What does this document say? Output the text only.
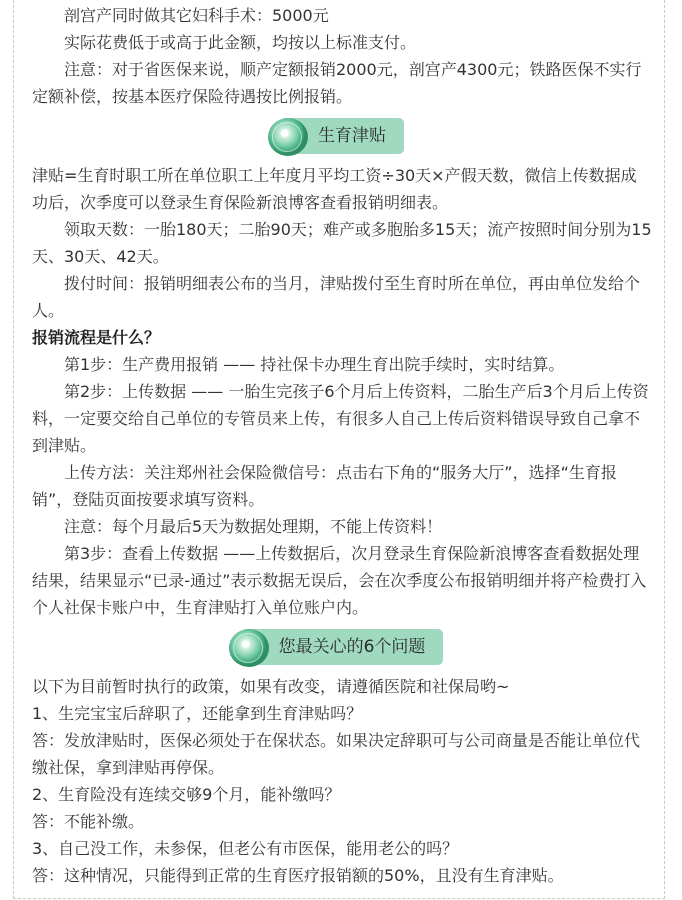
剖宫产同时做其它妇科手术：5000元

实际花费低于或高于此金额，均按以上标准支付。

注意：对于省医保来说，顺产定额报销2000元，剖宫产4300元；铁路医保不实行定额补偿，按基本医疗保险待遇按比例报销。

生育津贴

津贴=生育时职工所在单位职工上年度月平均工资÷30天×产假天数，微信上传数据成功后，次季度可以登录生育保险新浪博客查看报销明细表。

领取天数：一胎180天；二胎90天；难产或多胞胎多15天；流产按照时间分别为15天、30天、42天。

拨付时间：报销明细表公布的当月，津贴拨付至生育时所在单位，再由单位发给个人。

报销流程是什么？

第1步：生产费用报销 —— 持社保卡办理生育出院手续时，实时结算。

第2步：上传数据 —— 一胎生完孩子6个月后上传资料，二胎生产后3个月后上传资料，一定要交给自己单位的专管员来上传，有很多人自己上传后资料错误导致自己拿不到津贴。

上传方法：关注郑州社会保险微信号：点击右下角的“服务大厅”，选择“生育报销”，登陆页面按要求填写资料。

注意：每个月最后5天为数据处理期，不能上传资料！

第3步：查看上传数据 ——上传数据后，次月登录生育保险新浪博客查看数据处理结果，结果显示“已录-通过”表示数据无误后，会在次季度公布报销明细并将产检费打入个人社保卡账户中，生育津贴打入单位账户内。

您最关心的6个问题

以下为目前暂时执行的政策，如果有改变，请遵循医院和社保局哟~

1、生完宝宝后辞职了，还能拿到生育津贴吗？

答：发放津贴时，医保必须处于在保状态。如果决定辞职可与公司商量是否能让单位代缴社保，拿到津贴再停保。

2、生育险没有连续交够9个月，能补缴吗？

答：不能补缴。

3、自己没工作，未参保，但老公有市医保，能用老公的吗？

答：这种情况，只能得到正常的生育医疗报销额的50%，且没有生育津贴。
